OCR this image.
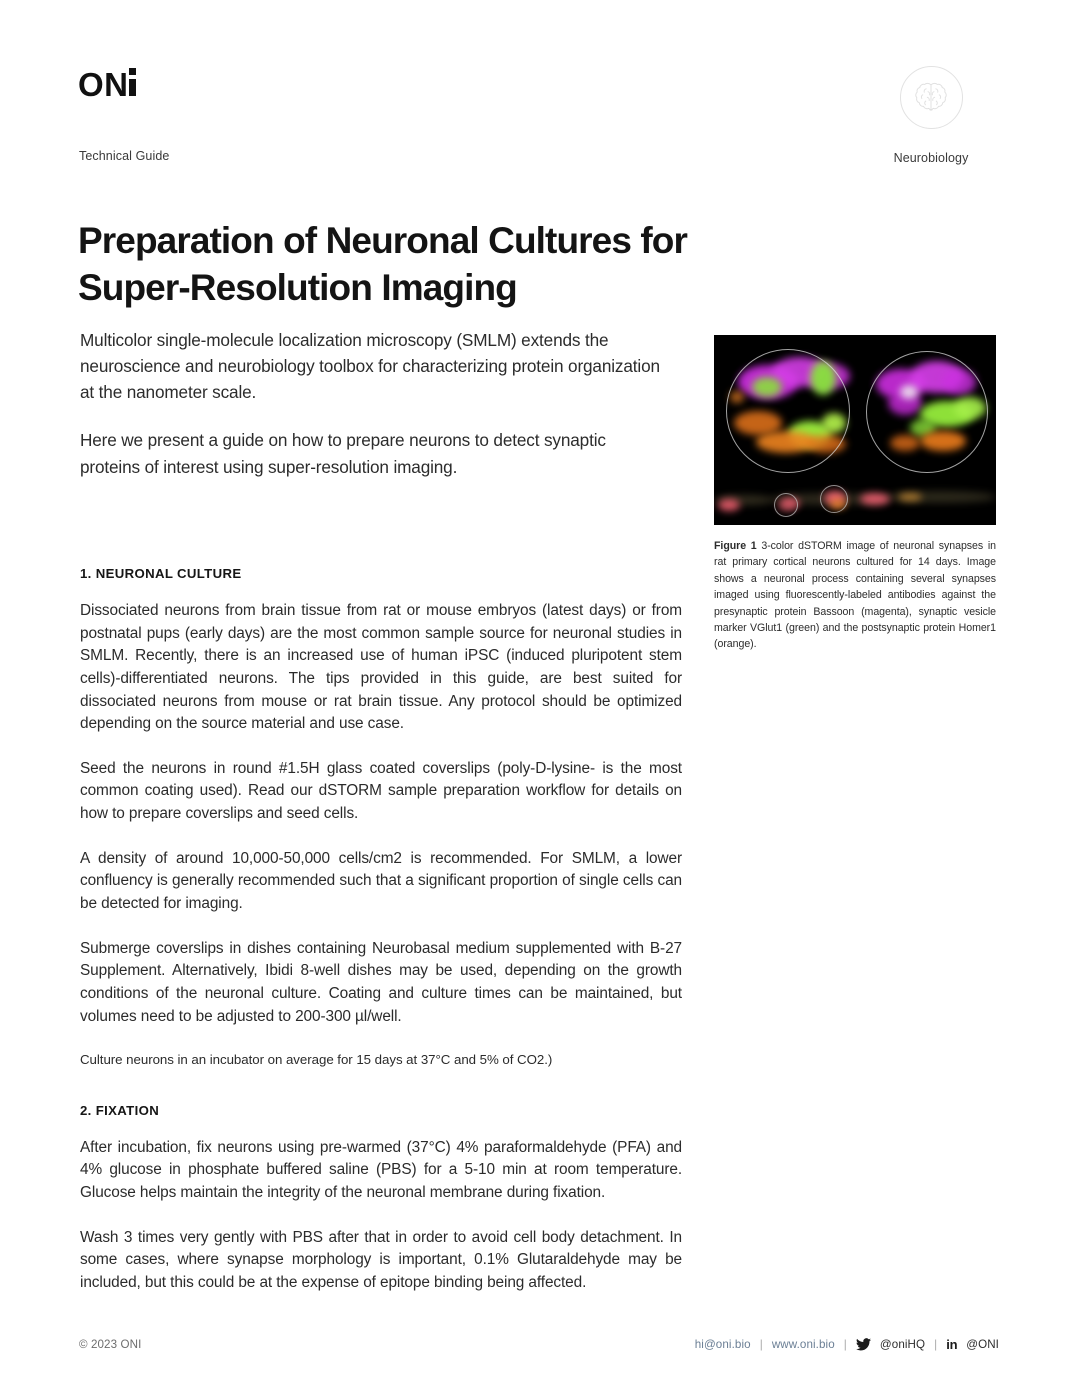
ON
Technical Guide	Neurobiology
Preparation of Neuronal Cultures for Super-Resolution Imaging

Multicolor single-molecule localization microscopy (SMLM) extends the neuroscience and neurobiology toolbox for characterizing protein organization at the nanometer scale.

Here we present a guide on how to prepare neurons to detect synaptic proteins of interest using super-resolution imaging.

Figure 1 3-color dSTORM image of neuronal synapses in rat primary cortical neurons cultured for 14 days. Image shows a neuronal process containing several synapses imaged using fluorescently-labeled antibodies against the presynaptic protein Bassoon (magenta), synaptic vesicle marker VGlut1 (green) and the postsynaptic protein Homer1 (orange).
1. NEURONAL CULTURE

Dissociated neurons from brain tissue from rat or mouse embryos (latest days) or from postnatal pups (early days) are the most common sample source for neuronal studies in SMLM. Recently, there is an increased use of human iPSC (induced pluripotent stem cells)-differentiated neurons. The tips provided in this guide, are best suited for dissociated neurons from mouse or rat brain tissue. Any protocol should be optimized depending on the source material and use case.

Seed the neurons in round #1.5H glass coated coverslips (poly-D-lysine- is the most common coating used). Read our dSTORM sample preparation workflow for details on how to prepare coverslips and seed cells.

A density of around 10,000-50,000 cells/cm2 is recommended. For SMLM, a lower confluency is generally recommended such that a significant proportion of single cells can be detected for imaging.

Submerge coverslips in dishes containing Neurobasal medium supplemented with B-27 Supplement. Alternatively, Ibidi 8-well dishes may be used, depending on the growth conditions of the neuronal culture. Coating and culture times can be maintained, but volumes need to be adjusted to 200-300 µl/well.

Culture neurons in an incubator on average for 15 days at 37°C and 5% of CO2.)

2. FIXATION

After incubation, fix neurons using pre-warmed (37°C) 4% paraformaldehyde (PFA) and 4% glucose in phosphate buffered saline (PBS) for a 5-10 min at room temperature. Glucose helps maintain the integrity of the neuronal membrane during fixation.

Wash 3 times very gently with PBS after that in order to avoid cell body detachment. In some cases, where synapse morphology is important, 0.1% Glutaraldehyde may be included, but this could be at the expense of epitope binding being affected.

© 2023 ONI	hi@oni.bio | www.oni.bio |	@oniHQ | in @ONI
